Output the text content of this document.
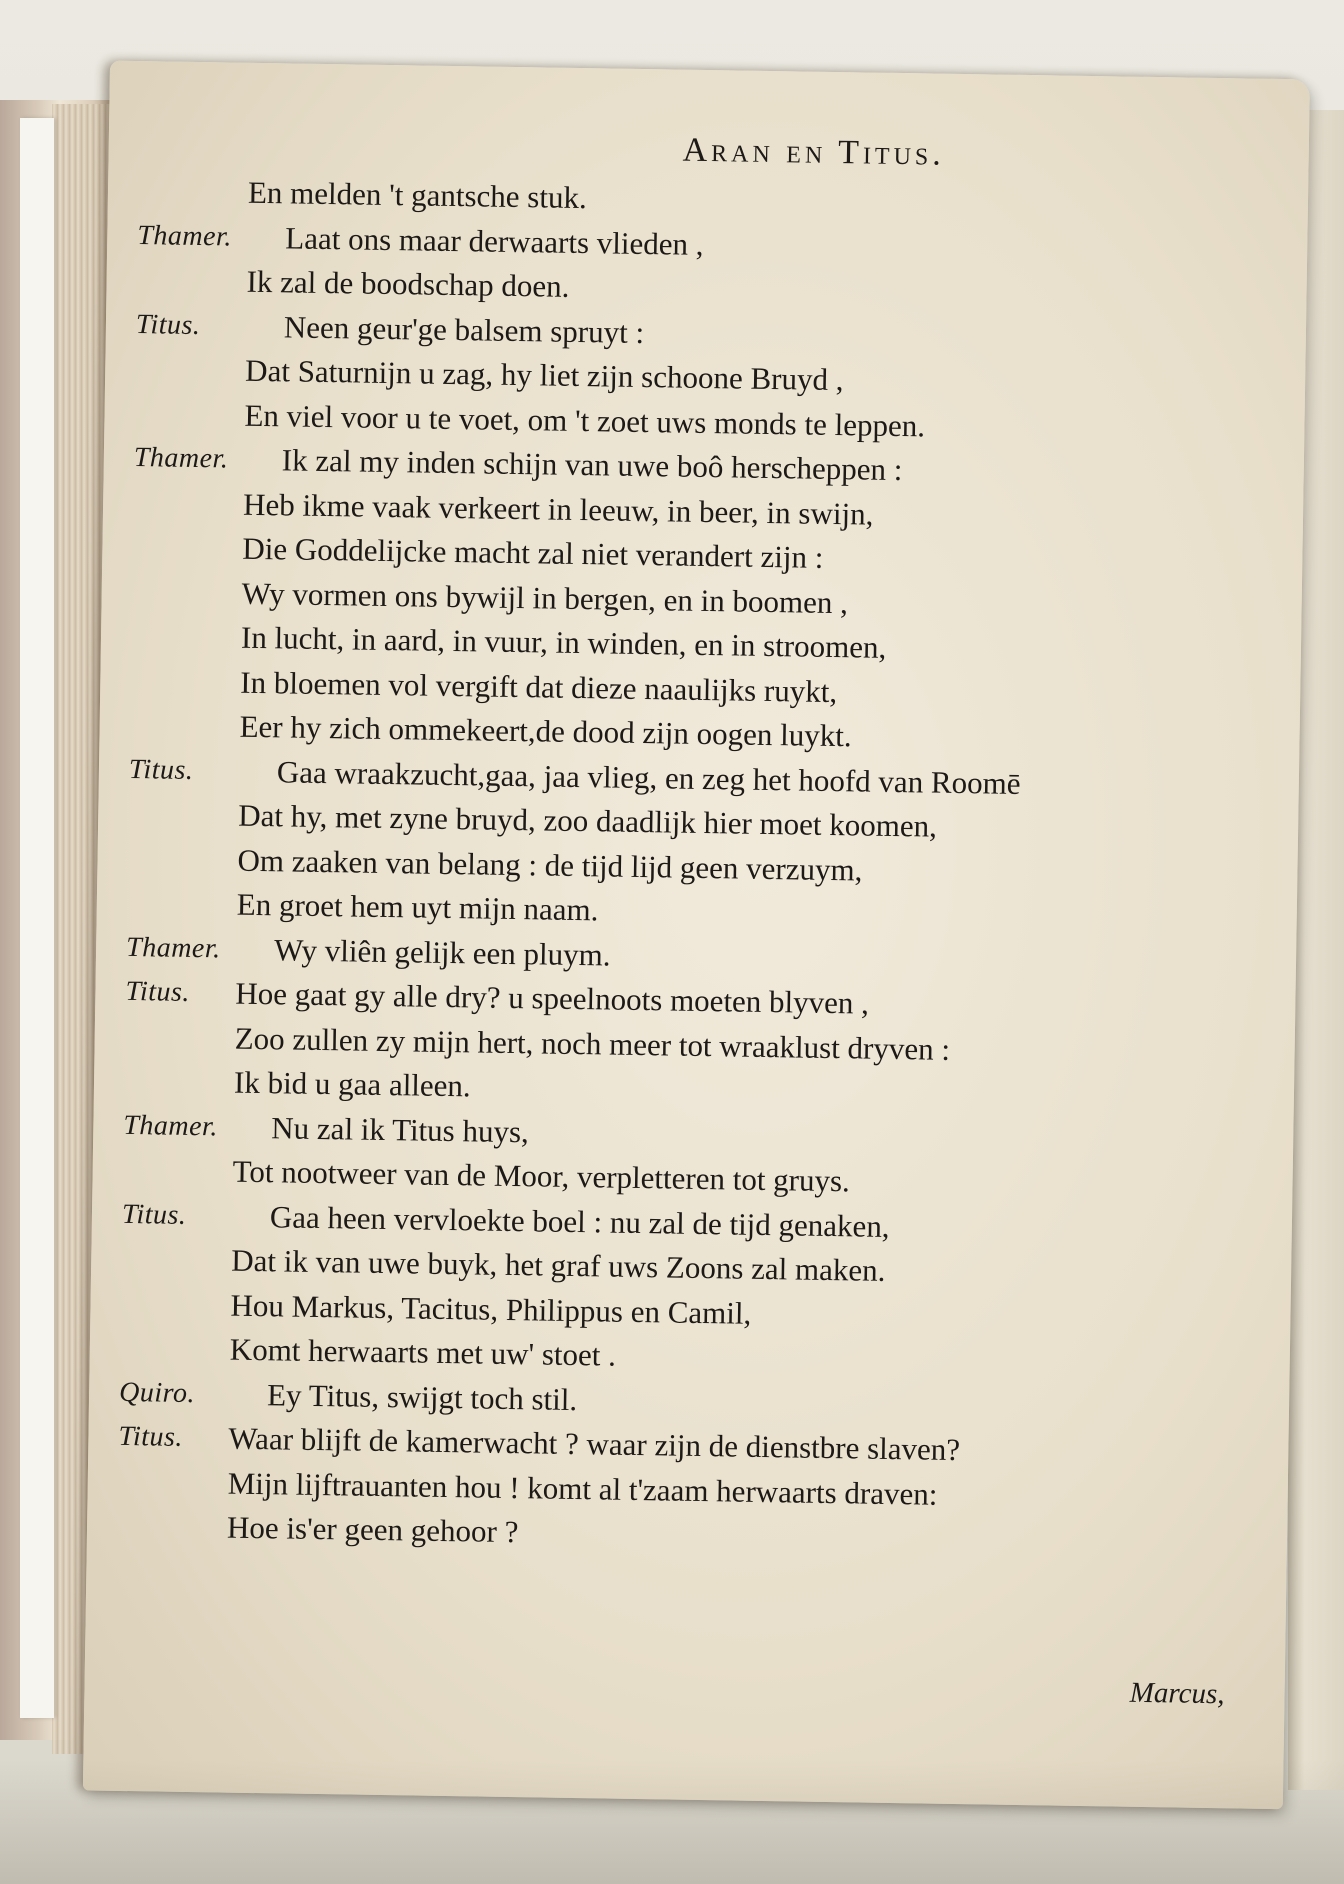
Aran en Titus.
En melden 't gantsche stuk.
Thamer. Laat ons maar derwaarts vlieden ,
Ik zal de boodschap doen.
Titus.	Neen geur'ge balsem spruyt :
Dat Saturnijn u zag, hy liet zijn schoone Bruyd ,
En viel voor u te voet, om 't zoet uws monds te leppen.
Thamer. Ik zal my inden schijn van uwe boô herscheppen :
Heb ikme vaak verkeert in leeuw, in beer, in swijn,
Die Goddelijcke macht zal niet verandert zijn :
Wy vormen ons bywijl in bergen, en in boomen ,
In lucht, in aard, in vuur, in winden, en in stroomen,
In bloemen vol vergift dat dieze naaulijks ruykt,
Eer hy zich ommekeert,de dood zijn oogen luykt.
Titus.	Gaa wraakzucht,gaa, jaa vlieg, en zeg het hoofd van Roomē
Dat hy, met zyne bruyd, zoo daadlijk hier moet koomen,
Om zaaken van belang : de tijd lijd geen verzuym,
En groet hem uyt mijn naam.
Thamer. Wy vliên gelijk een pluym.
Titus. Hoe gaat gy alle dry? u speelnoots moeten blyven ,
Zoo zullen zy mijn hert, noch meer tot wraaklust dryven :
Ik bid u gaa alleen.
Thamer. Nu zal ik Titus huys,
Tot nootweer van de Moor, verpletteren tot gruys.
Titus.	Gaa heen vervloekte boel : nu zal de tijd genaken,
Dat ik van uwe buyk, het graf uws Zoons zal maken.
Hou Markus, Tacitus, Philippus en Camil,
Komt herwaarts met uw' stoet .
Quiro. Ey Titus, swijgt toch stil.
Titus. Waar blijft de kamerwacht ? waar zijn de dienstbre slaven?
Mijn lijftrauanten hou ! komt al t'zaam herwaarts draven:
Hoe is'er geen gehoor ?
Marcus,
